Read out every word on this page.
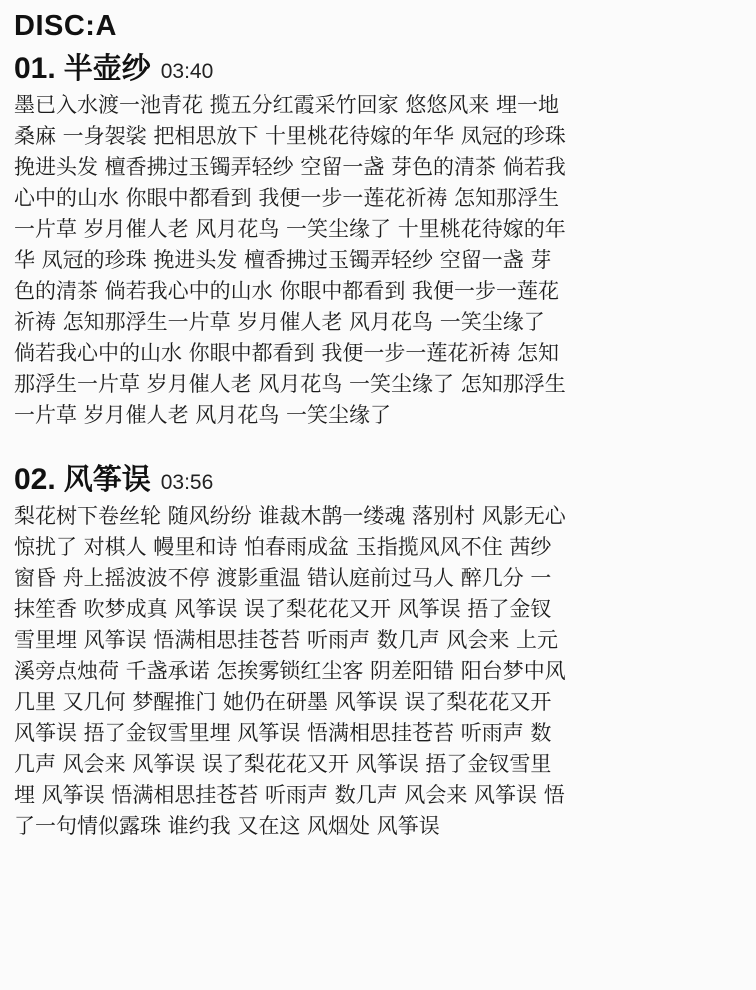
DISC:A
01. 半壶纱 03:40
墨已入水渡一池青花 揽五分红霞采竹回家 悠悠风来 埋一地
桑麻 一身袈裟 把相思放下 十里桃花待嫁的年华 凤冠的珍珠
挽进头发 檀香拂过玉镯弄轻纱 空留一盏 芽色的清茶 倘若我
心中的山水 你眼中都看到 我便一步一莲花祈祷 怎知那浮生
一片草 岁月催人老 风月花鸟 一笑尘缘了 十里桃花待嫁的年
华 凤冠的珍珠 挽进头发 檀香拂过玉镯弄轻纱 空留一盏 芽
色的清茶 倘若我心中的山水 你眼中都看到 我便一步一莲花
祈祷 怎知那浮生一片草 岁月催人老 风月花鸟 一笑尘缘了
倘若我心中的山水 你眼中都看到 我便一步一莲花祈祷 怎知
那浮生一片草 岁月催人老 风月花鸟 一笑尘缘了 怎知那浮生
一片草 岁月催人老 风月花鸟 一笑尘缘了
02. 风筝误 03:56
梨花树下卷丝轮 随风纷纷 谁裁木鹊一缕魂 落别村 风影无心
惊扰了 对棋人 幔里和诗 怕春雨成盆 玉指揽风风不住 茜纱
窗昏 舟上摇波波不停 渡影重温 错认庭前过马人 醉几分 一
抹笙香 吹梦成真 风筝误 误了梨花花又开 风筝误 捂了金钗
雪里埋 风筝误 悟满相思挂苍苔 听雨声 数几声 风会来 上元
溪旁点烛荷 千盏承诺 怎挨雾锁红尘客 阴差阳错 阳台梦中风
几里 又几何 梦醒推门 她仍在研墨 风筝误 误了梨花花又开
风筝误 捂了金钗雪里埋 风筝误 悟满相思挂苍苔 听雨声 数
几声 风会来 风筝误 误了梨花花又开 风筝误 捂了金钗雪里
埋 风筝误 悟满相思挂苍苔 听雨声 数几声 风会来 风筝误 悟
了一句情似露珠 谁约我 又在这 风烟处 风筝误
